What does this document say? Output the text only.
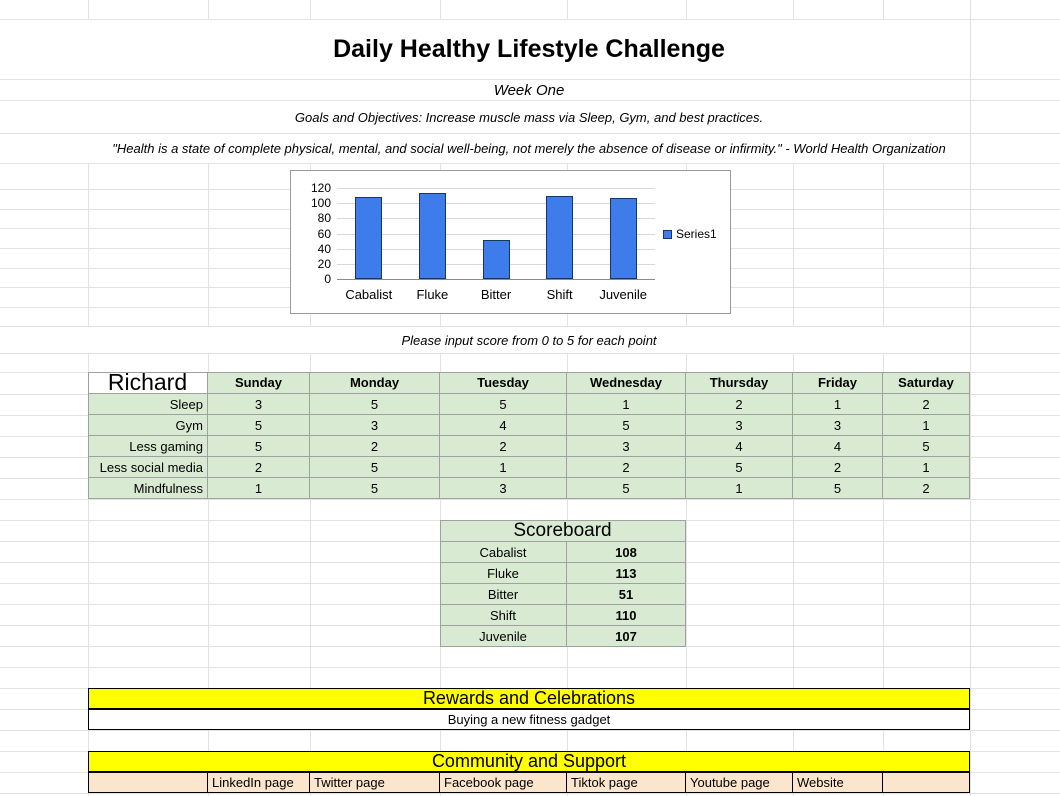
Daily Healthy Lifestyle Challenge
Week One
Goals and Objectives: Increase muscle mass via Sleep, Gym, and best practices.
"Health is a state of complete physical, mental, and social well-being, not merely the absence of disease or infirmity." - World Health Organization
Please input score from 0 to 5 for each point
Series1
120
100
80
60
40
20
0
Cabalist	Fluke	Bitter	Shift	Juvenile
Richard	Sunday	Monday	Tuesday	Wednesday	Thursday	Friday	Saturday
Sleep	3	5	5	1	2	1	2
Gym	5	3	4	5	3	3	1
Less gaming	5	2	2	3	4	4	5
Less social media	2	5	1	2	5	2	1
Mindfulness	1	5	3	5	1	5	2
Scoreboard
Cabalist	108
Fluke	113
Bitter	51
Shift	110
Juvenile	107
Rewards and Celebrations
Buying a new fitness gadget
Community and Support
LinkedIn page	Twitter page	Facebook page	Tiktok page	Youtube page	Website
